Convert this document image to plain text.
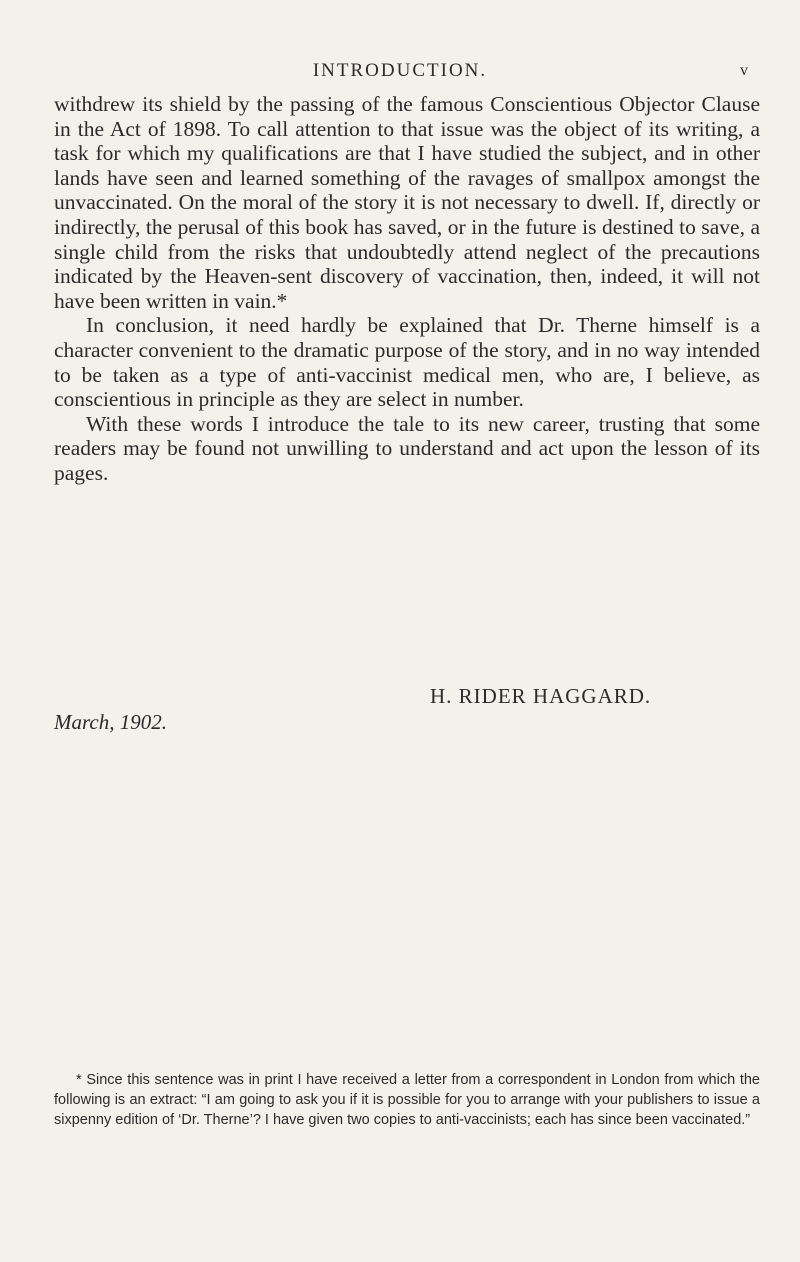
INTRODUCTION.	v

withdrew its shield by the passing of the famous Conscientious Objector Clause in the Act of 1898. To call attention to that issue was the object of its writing, a task for which my qualifications are that I have studied the subject, and in other lands have seen and learned something of the ravages of smallpox amongst the unvaccinated. On the moral of the story it is not necessary to dwell. If, directly or indirectly, the perusal of this book has saved, or in the future is destined to save, a single child from the risks that undoubtedly attend neglect of the precautions indicated by the Heaven-sent discovery of vaccination, then, indeed, it will not have been written in vain.*

In conclusion, it need hardly be explained that Dr. Therne himself is a character convenient to the dramatic purpose of the story, and in no way intended to be taken as a type of anti-vaccinist medical men, who are, I believe, as conscientious in principle as they are select in number.

With these words I introduce the tale to its new career, trusting that some readers may be found not unwilling to understand and act upon the lesson of its pages.

H. RIDER HAGGARD.
March, 1902.
* Since this sentence was in print I have received a letter from a correspondent in London from which the following is an extract: “I am going to ask you if it is possible for you to arrange with your publishers to issue a sixpenny edition of ‘Dr. Therne’? I have given two copies to anti-vaccinists; each has since been vaccinated.”
